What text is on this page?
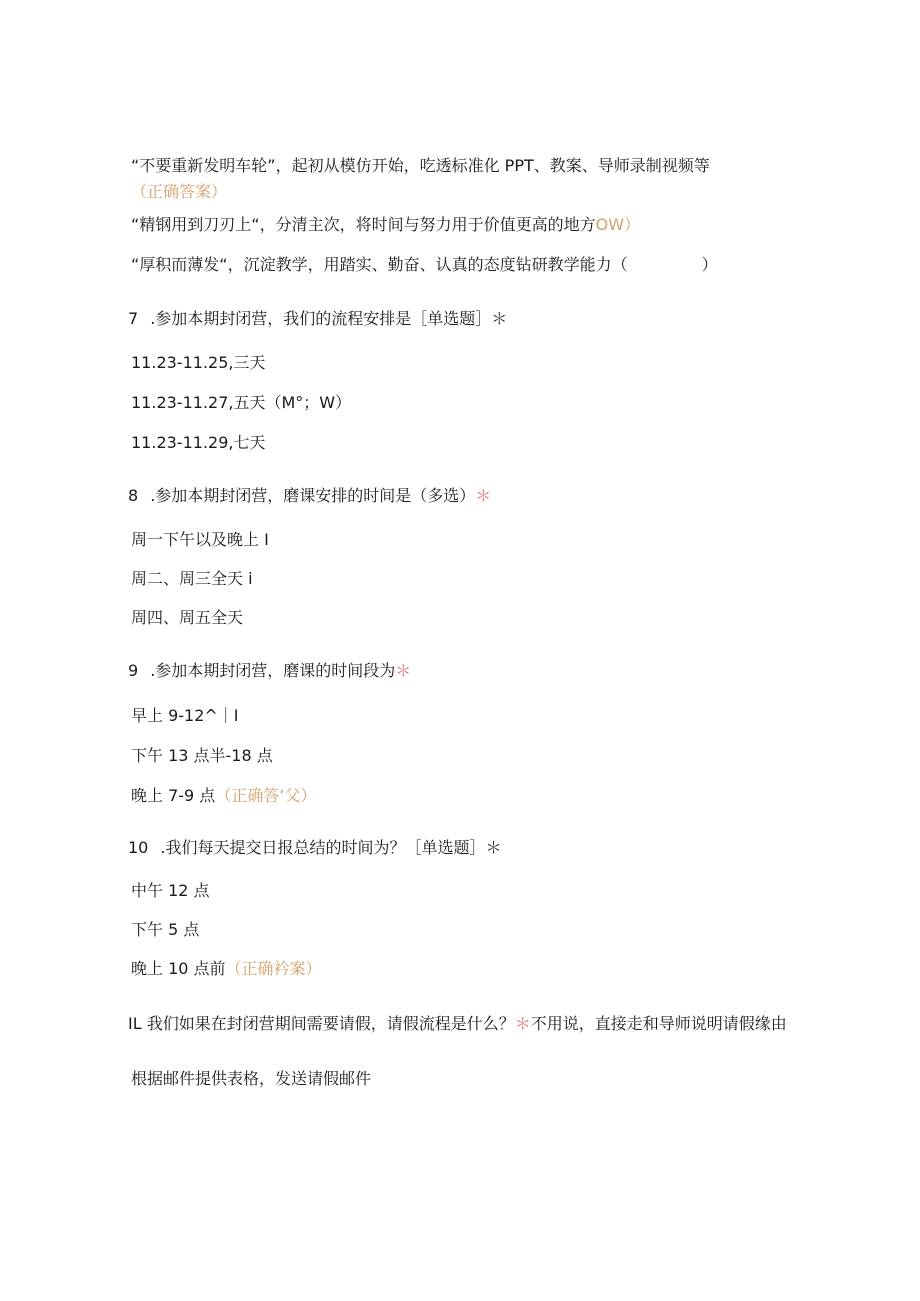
“不要重新发明车轮”，起初从模仿开始，吃透标准化 PPT、教案、导师录制视频等
（正确答案）
“精钢用到刀刃上“，分清主次，将时间与努力用于价值更高的地方OW）
“厚积而薄发“，沉淀教学，用踏实、勤奋、认真的态度钻研教学能力（	）
7 .参加本期封闭营，我们的流程安排是［单选题］＊
11.23-11.25,三天
11.23-11.27,五天（M°；W）
11.23-11.29,七天
8 .参加本期封闭营，磨课安排的时间是（多选）＊
周一下午以及晚上 I
周二、周三全天 i
周四、周五全天
9 .参加本期封闭营，磨课的时间段为＊
早上 9-12^｜I
下午 13 点半-18 点
晚上 7-9 点（正确答‘父）
10 .我们每天提交日报总结的时间为？［单选题］＊
中午 12 点
下午 5 点
晚上 10 点前（正确衿案）
IL 我们如果在封闭营期间需要请假，请假流程是什么？＊不用说，直接走和导师说明请假缘由
根据邮件提供表格，发送请假邮件
